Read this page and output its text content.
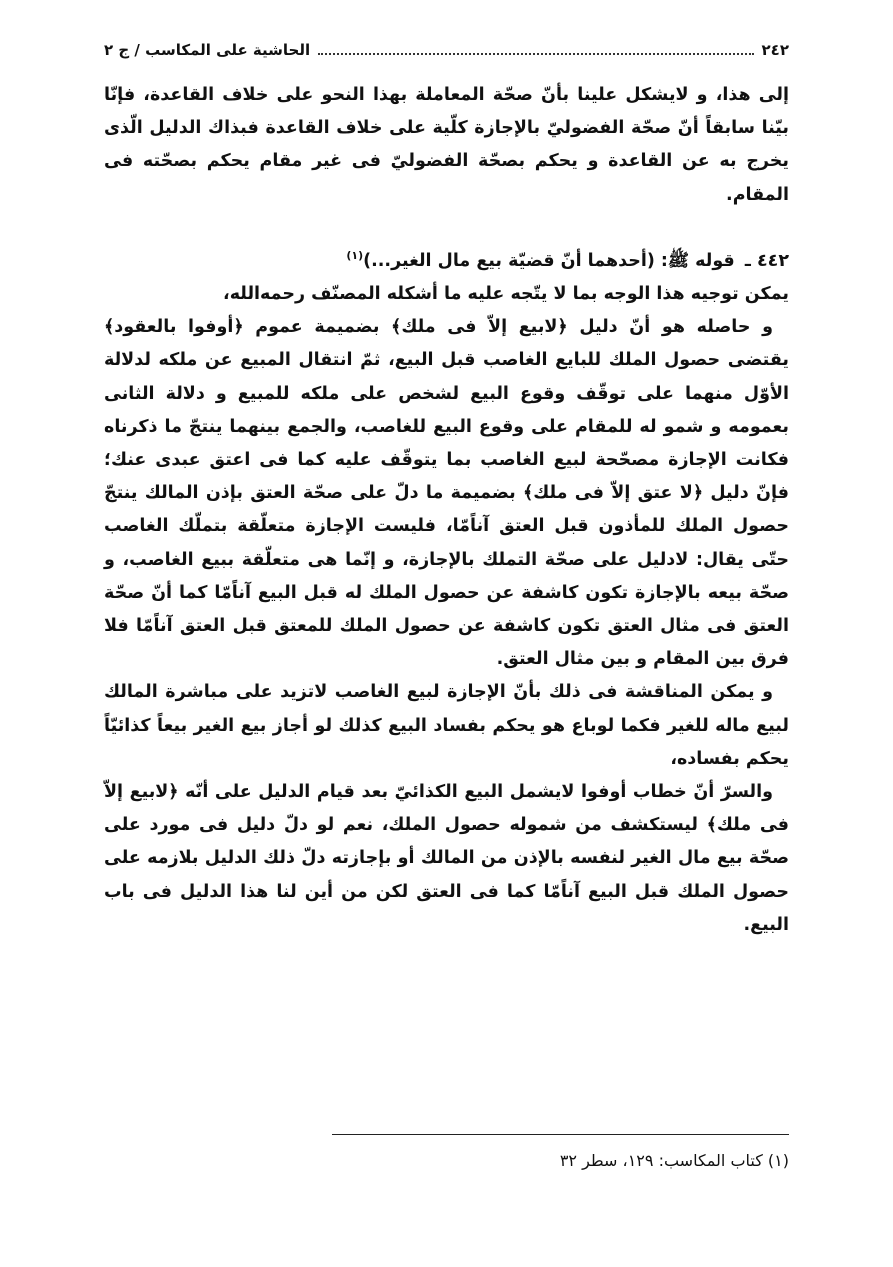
٢٤٢
الحاشية على المكاسب / ج ٢

إلى هذا، و لايشكل علينا بأنّ صحّة المعاملة بهذا النحو على خلاف القاعدة، فإنّا بيّنا سابقاً أنّ صحّة الفضوليّ بالإجازة كلّية على خلاف القاعدة فبذاك الدليل الّذى يخرج به عن القاعدة و يحكم بصحّة الفضوليّ فى غير مقام يحكم بصحّته فى المقام.

٤٤٢ ـ قوله ﷺ: (أحدهما أنّ قضيّة بيع مال الغير...)$^{(١)}$

يمكن توجيه هذا الوجه بما لا يتّجه عليه ما أشكله المصنّف رحمه‌الله،

و حاصله هو أنّ دليل ﴿لابيع إلاّ فى ملك﴾ بضميمة عموم ﴿أوفوا بالعقود﴾ يقتضى حصول الملك للبايع الغاصب قبل البيع، ثمّ انتقال المبيع عن ملكه لدلالة الأوّل منهما على توقّف وقوع البيع لشخص على ملكه للمبيع و دلالة الثانى بعمومه و شمو له للمقام على وقوع البيع للغاصب، والجمع بينهما ينتجّ ما ذكرناه فكانت الإجازة مصحّحة لبيع الغاصب بما يتوقّف عليه كما فى اعتق عبدى عنك؛ فإنّ دليل ﴿لا عتق إلاّ فى ملك﴾ بضميمة ما دلّ على صحّة العتق بإذن المالك ينتجّ حصول الملك للمأذون قبل العتق آناًمّا، فليست الإجازة متعلّقة بتملّك الغاصب حتّى يقال: لادليل على صحّة التملك بالإجازة، و إنّما هى متعلّقة ببيع الغاصب، و صحّة بيعه بالإجازة تكون كاشفة عن حصول الملك له قبل البيع آناًمّا كما أنّ صحّة العتق فى مثال العتق تكون كاشفة عن حصول الملك للمعتق قبل العتق آناًمّا فلا فرق بين المقام و بين مثال العتق.

و يمكن المناقشة فى ذلك بأنّ الإجازة لبيع الغاصب لاتزيد على مباشرة المالك لبيع ماله للغير فكما لوباع هو يحكم بفساد البيع كذلك لو أجاز بيع الغير بيعاً كذائيّاً يحكم بفساده،

والسرّ أنّ خطاب أوفوا لايشمل البيع الكذائيّ بعد قيام الدليل على أنّه ﴿لابيع إلاّ فى ملك﴾ ليستكشف من شموله حصول الملك، نعم لو دلّ دليل فى مورد على صحّة بيع مال الغير لنفسه بالإذن من المالك أو بإجازته دلّ ذلك الدليل بلازمه على حصول الملك قبل البيع آناًمّا كما فى العتق لكن من أين لنا هذا الدليل فى باب البيع.

(١) كتاب المكاسب: ١٢٩، سطر ٣٢
